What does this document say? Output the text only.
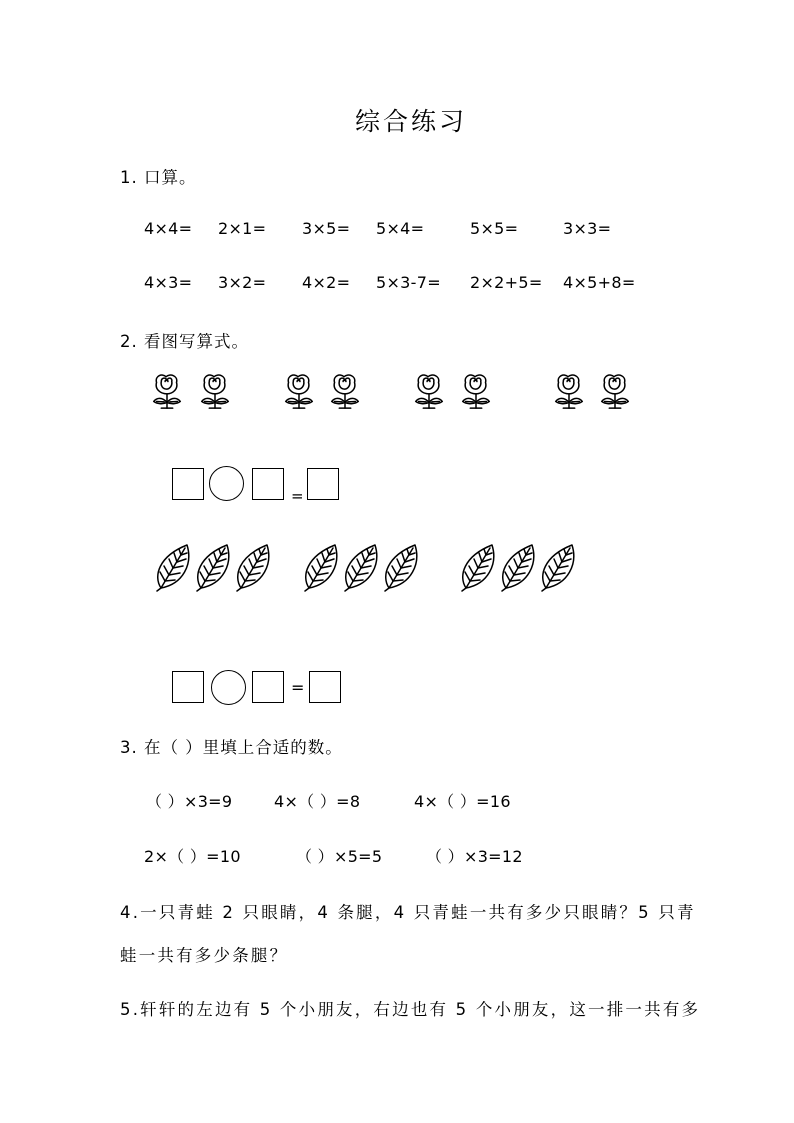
综合练习
1. 口算。
4×4= 2×1= 3×5= 5×4=	5×5=	3×3=
4×3= 3×2= 4×2= 5×3-7= 2×2+5= 4×5+8=
2. 看图写算式。
=
=
3. 在（ ）里填上合适的数。
（ ）×3=9	4×（ ）=8	4×（ ）=16
2×（ ）=10	（ ）×5=5	（ ）×3=12
4.一只青蛙 2 只眼睛，4 条腿，4 只青蛙一共有多少只眼睛？5 只青
蛙一共有多少条腿？
5.轩轩的左边有 5 个小朋友，右边也有 5 个小朋友，这一排一共有多
